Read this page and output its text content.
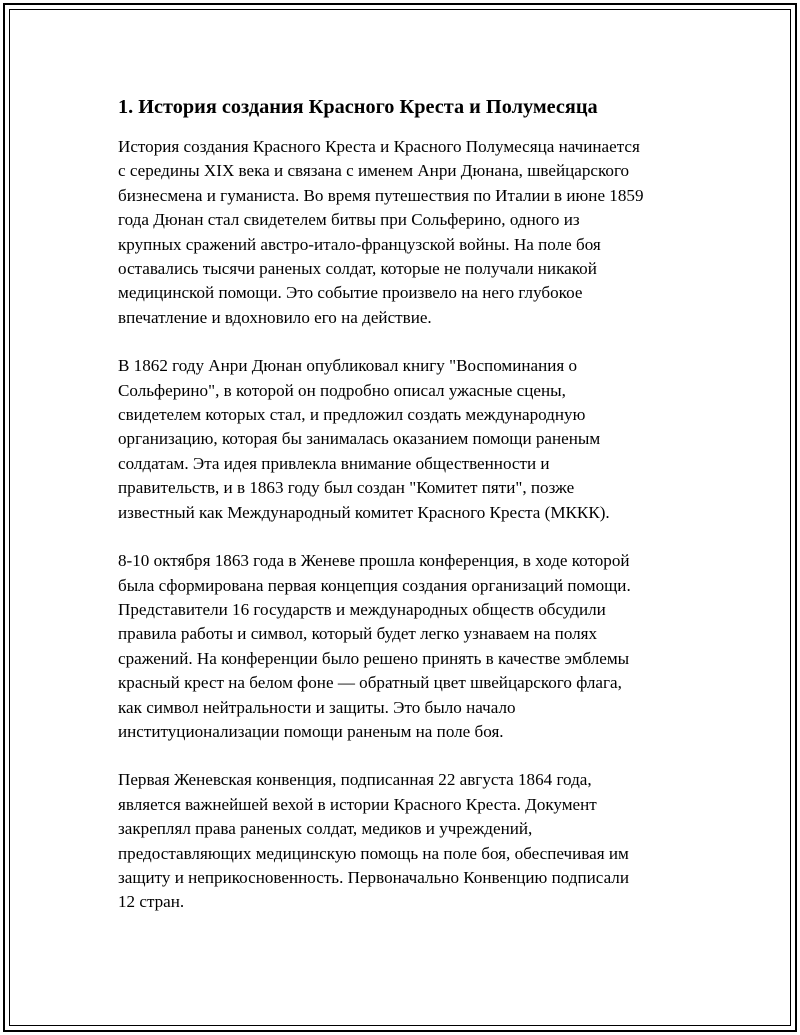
1. История создания Красного Креста и Полумесяца

История создания Красного Креста и Красного Полумесяца начинается
с середины XIX века и связана с именем Анри Дюнана, швейцарского
бизнесмена и гуманиста. Во время путешествия по Италии в июне 1859
года Дюнан стал свидетелем битвы при Сольферино, одного из
крупных сражений австро-итало-французской войны. На поле боя
оставались тысячи раненых солдат, которые не получали никакой
медицинской помощи. Это событие произвело на него глубокое
впечатление и вдохновило его на действие.

В 1862 году Анри Дюнан опубликовал книгу "Воспоминания о
Сольферино", в которой он подробно описал ужасные сцены,
свидетелем которых стал, и предложил создать международную
организацию, которая бы занималась оказанием помощи раненым
солдатам. Эта идея привлекла внимание общественности и
правительств, и в 1863 году был создан "Комитет пяти", позже
известный как Международный комитет Красного Креста (МККК).

8-10 октября 1863 года в Женеве прошла конференция, в ходе которой
была сформирована первая концепция создания организаций помощи.
Представители 16 государств и международных обществ обсудили
правила работы и символ, который будет легко узнаваем на полях
сражений. На конференции было решено принять в качестве эмблемы
красный крест на белом фоне — обратный цвет швейцарского флага,
как символ нейтральности и защиты. Это было начало
институционализации помощи раненым на поле боя.

Первая Женевская конвенция, подписанная 22 августа 1864 года,
является важнейшей вехой в истории Красного Креста. Документ
закреплял права раненых солдат, медиков и учреждений,
предоставляющих медицинскую помощь на поле боя, обеспечивая им
защиту и неприкосновенность. Первоначально Конвенцию подписали
12 стран.
